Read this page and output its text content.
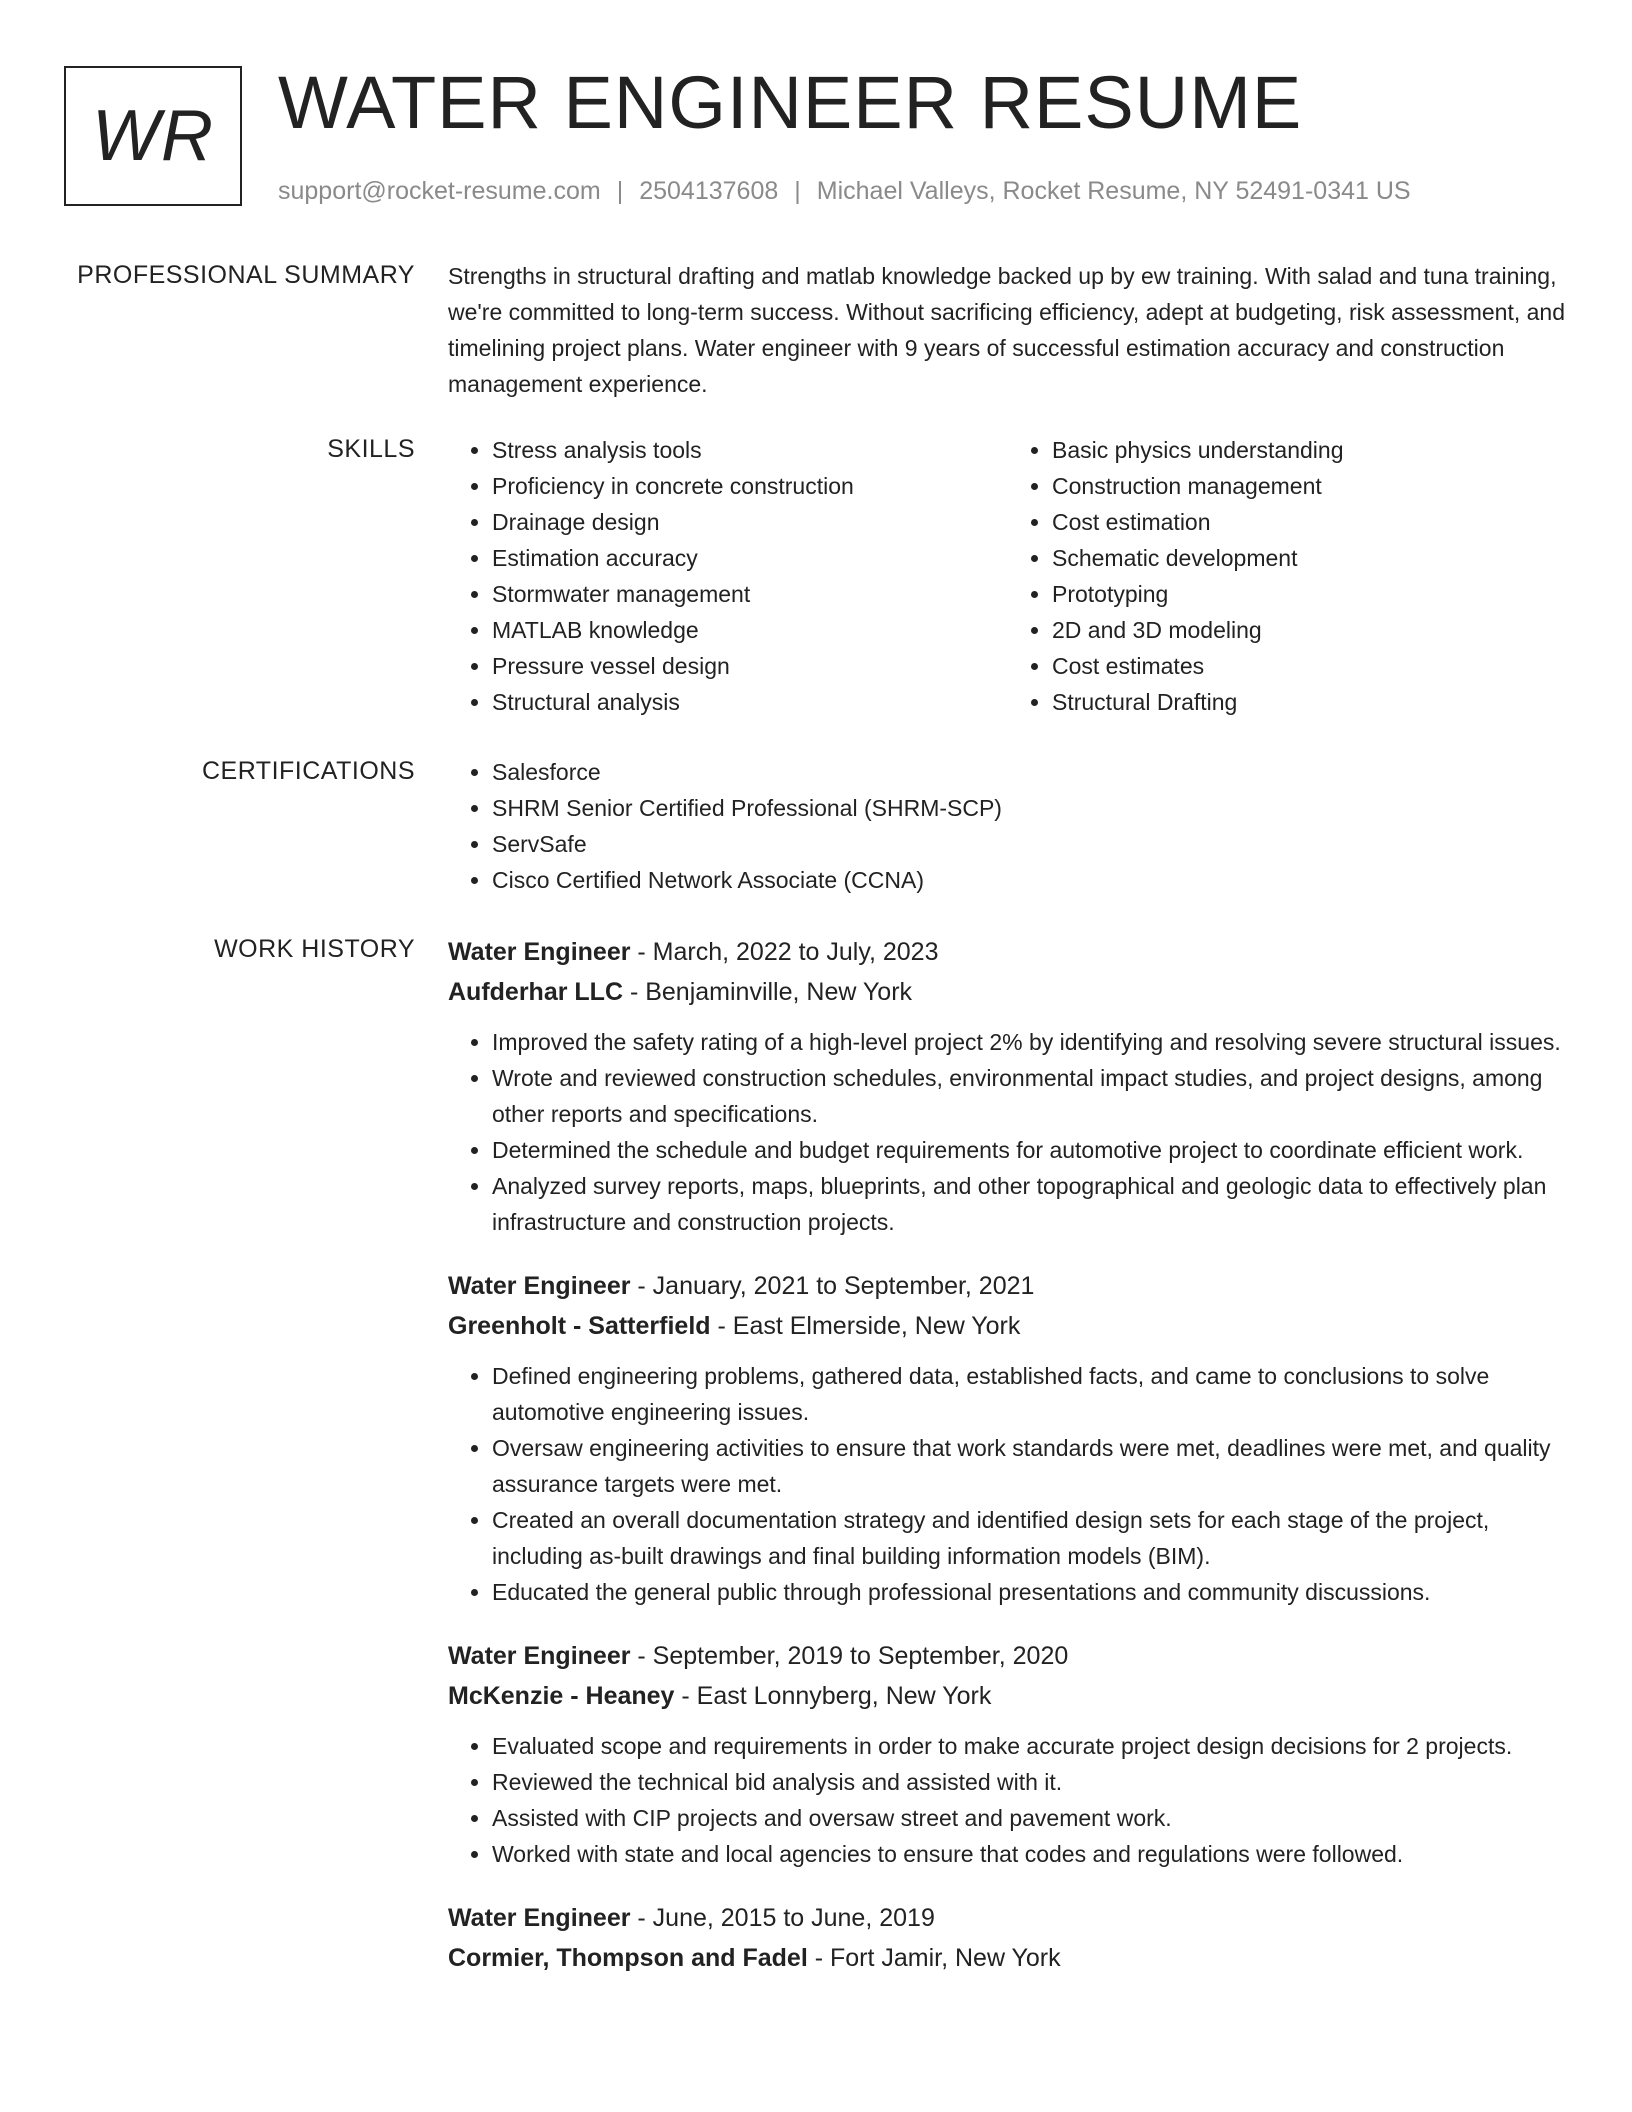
WR WATER ENGINEER RESUME
support@rocket-resume.com | 2504137608 | Michael Valleys, Rocket Resume, NY 52491-0341 US
PROFESSIONAL SUMMARY Strengths in structural drafting and matlab knowledge backed up by ew training. With salad and tuna training, we're committed to long-term success. Without sacrificing efficiency, adept at budgeting, risk assessment, and timelining project plans. Water engineer with 9 years of successful estimation accuracy and construction management experience.
SKILLS	• Stress analysis tools
• Proficiency in concrete construction
• Drainage design
• Estimation accuracy
• Stormwater management
• MATLAB knowledge
• Pressure vessel design
• Structural analysis
• Basic physics understanding
• Construction management
• Cost estimation
• Schematic development
• Prototyping
• 2D and 3D modeling
• Cost estimates
• Structural Drafting
CERTIFICATIONS	• Salesforce
• SHRM Senior Certified Professional (SHRM-SCP)
• ServSafe
• Cisco Certified Network Associate (CCNA)
WORK HISTORY Water Engineer - March, 2022 to July, 2023
Aufderhar LLC - Benjaminville, New York
• Improved the safety rating of a high-level project 2% by identifying and resolving severe structural issues.
• Wrote and reviewed construction schedules, environmental impact studies, and project designs, among other reports and specifications.
• Determined the schedule and budget requirements for automotive project to coordinate efficient work.
• Analyzed survey reports, maps, blueprints, and other topographical and geologic data to effectively plan infrastructure and construction projects.
Water Engineer - January, 2021 to September, 2021
Greenholt - Satterfield - East Elmerside, New York
• Defined engineering problems, gathered data, established facts, and came to conclusions to solve automotive engineering issues.
• Oversaw engineering activities to ensure that work standards were met, deadlines were met, and quality assurance targets were met.
• Created an overall documentation strategy and identified design sets for each stage of the project, including as-built drawings and final building information models (BIM).
• Educated the general public through professional presentations and community discussions.
Water Engineer - September, 2019 to September, 2020
McKenzie - Heaney - East Lonnyberg, New York
• Evaluated scope and requirements in order to make accurate project design decisions for 2 projects.
• Reviewed the technical bid analysis and assisted with it.
• Assisted with CIP projects and oversaw street and pavement work.
• Worked with state and local agencies to ensure that codes and regulations were followed.
Water Engineer - June, 2015 to June, 2019
Cormier, Thompson and Fadel - Fort Jamir, New York
